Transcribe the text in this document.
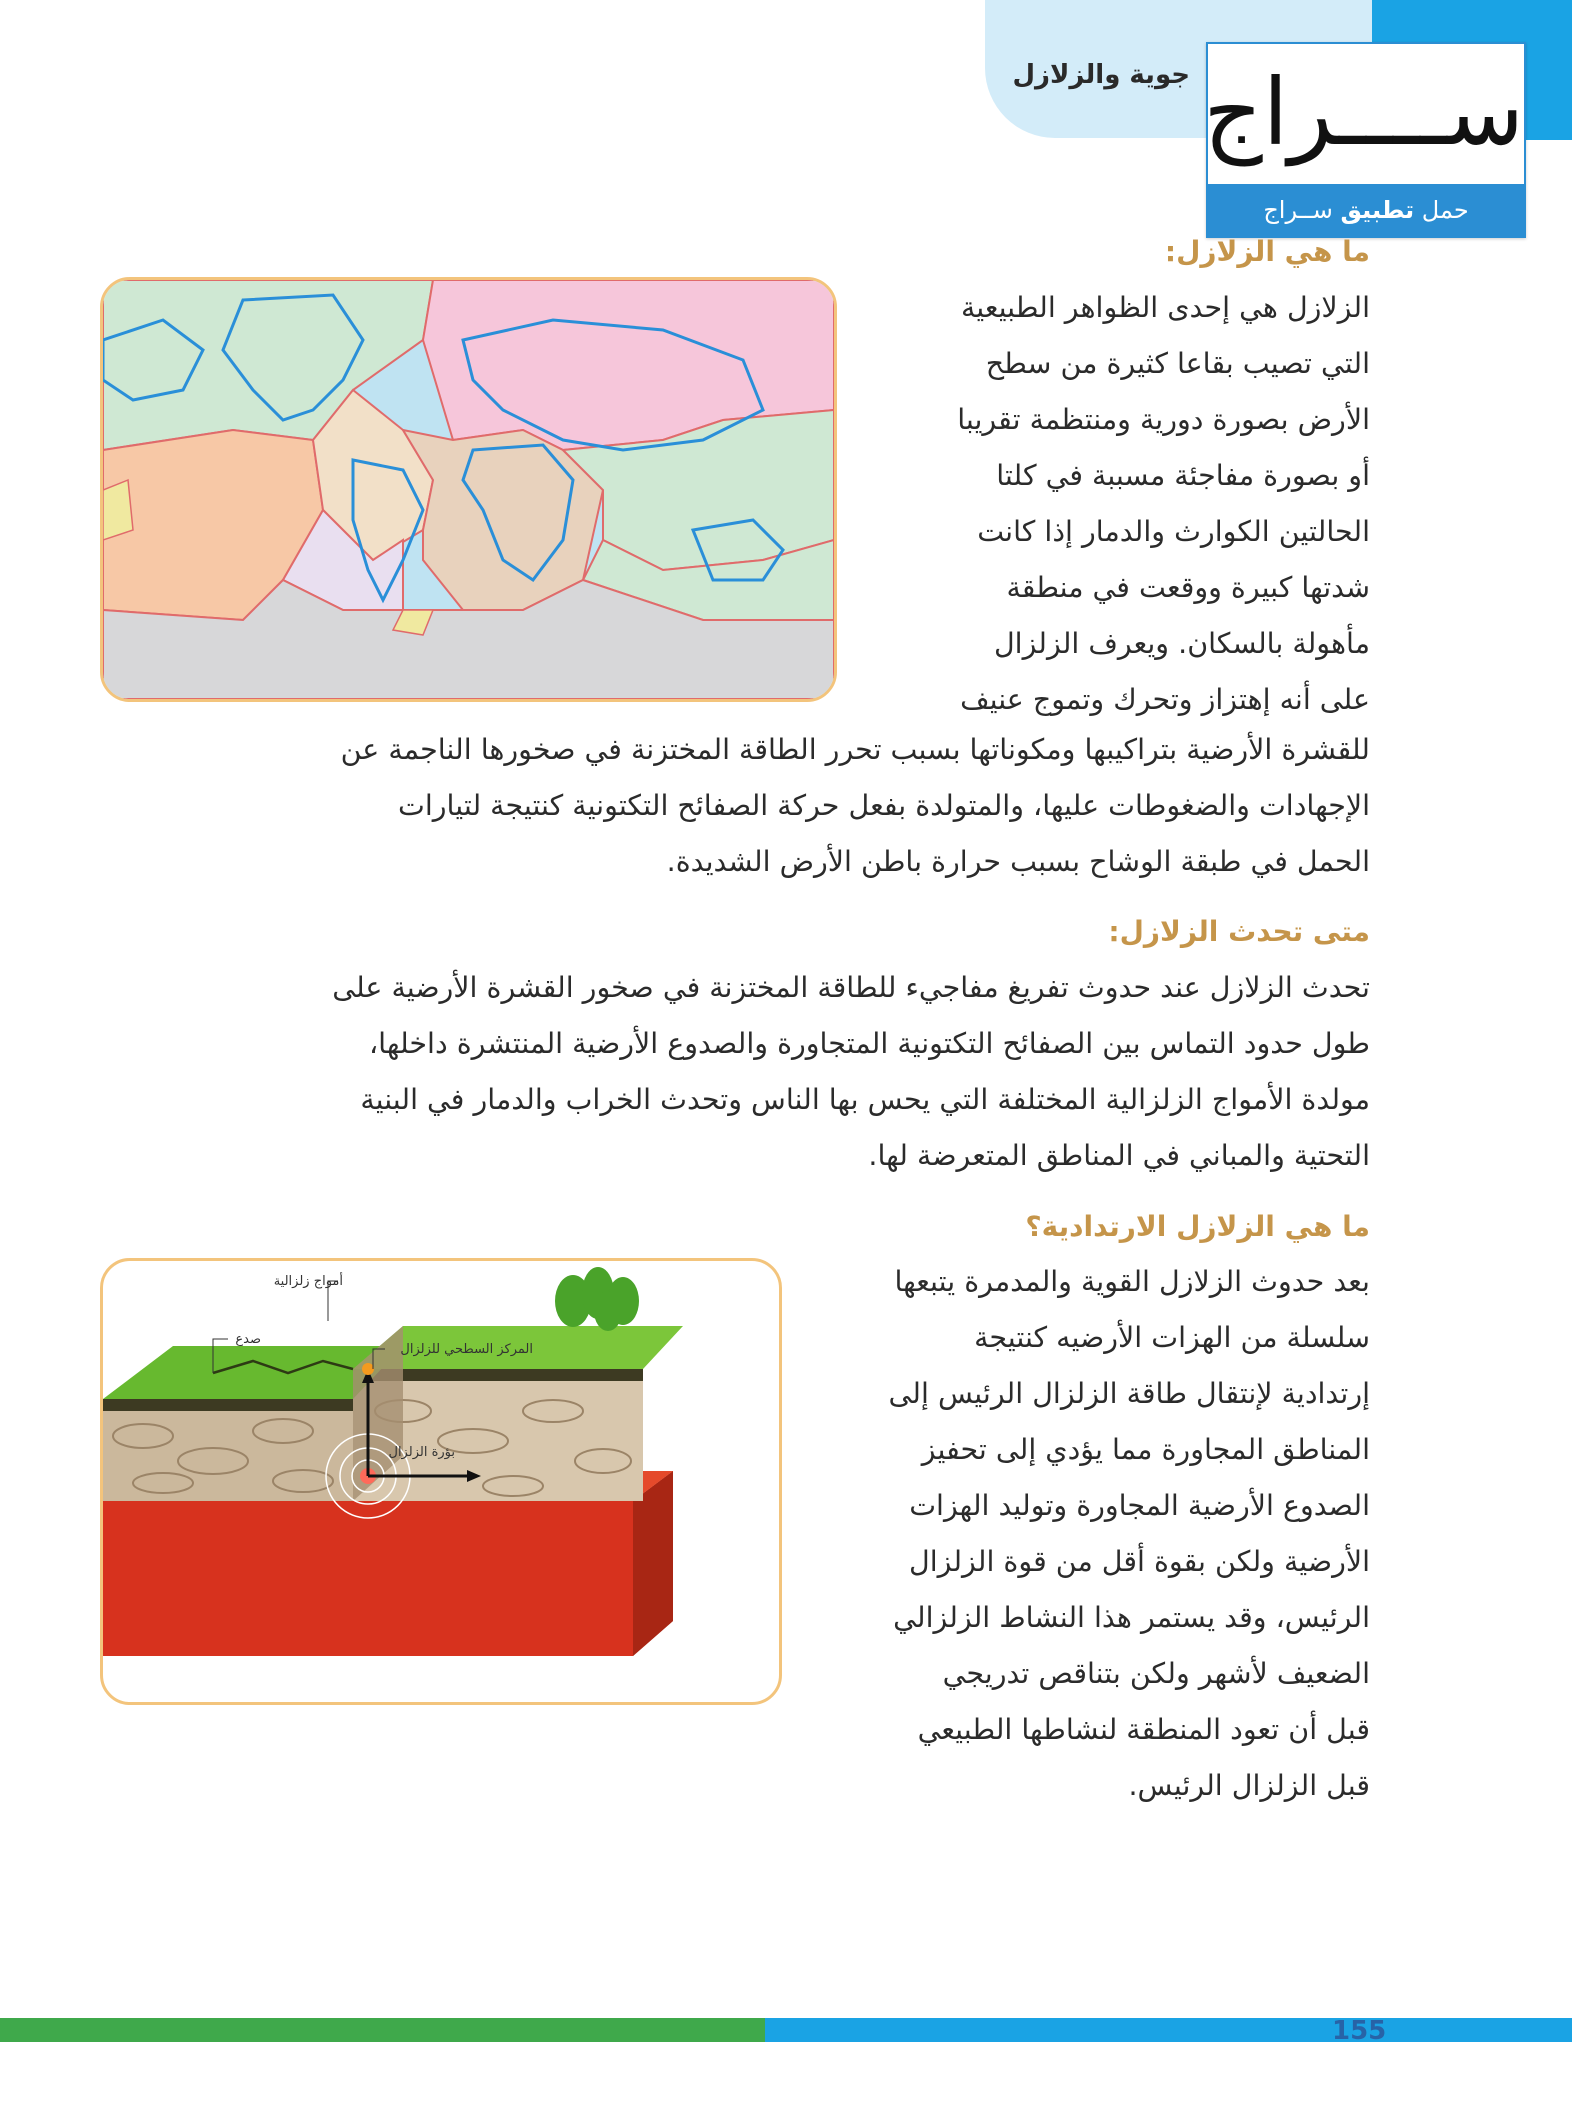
جوية والزلازل ســــراج
حمل تطبيق ســراج
ما هي الزلازل:
الزلازل هي إحدى الظواهر الطبيعية
التي تصيب بقاعا كثيرة من سطح
الأرض بصورة دورية ومنتظمة تقريبا
أو بصورة مفاجئة مسببة في كلتا
الحالتين الكوارث والدمار إذا كانت
شدتها كبيرة ووقعت في منطقة
مأهولة بالسكان. ويعرف الزلزال
على أنه إهتزاز وتحرك وتموج عنيف
للقشرة الأرضية بتراكيبها ومكوناتها بسبب تحرر الطاقة المختزنة في صخورها الناجمة عن
الإجهادات والضغوطات عليها، والمتولدة بفعل حركة الصفائح التكتونية كنتيجة لتيارات
الحمل في طبقة الوشاح بسبب حرارة باطن الأرض الشديدة.
متى تحدث الزلازل:
تحدث الزلازل عند حدوث تفريغ مفاجيء للطاقة المختزنة في صخور القشرة الأرضية على
طول حدود التماس بين الصفائح التكتونية المتجاورة والصدوع الأرضية المنتشرة داخلها،
مولدة الأمواج الزلزالية المختلفة التي يحس بها الناس وتحدث الخراب والدمار في البنية
التحتية والمباني في المناطق المتعرضة لها.
ما هي الزلازل الارتدادية؟
أمواج زلزالية
صدع
المركز السطحي للزلزال
بؤرة الزلزال
بعد حدوث الزلازل القوية والمدمرة يتبعها
سلسلة من الهزات الأرضيه كنتيجة
إرتدادية لإنتقال طاقة الزلزال الرئيس إلى
المناطق المجاورة مما يؤدي إلى تحفيز
الصدوع الأرضية المجاورة وتوليد الهزات
الأرضية ولكن بقوة أقل من قوة الزلزال
الرئيس، وقد يستمر هذا النشاط الزلزالي
الضعيف لأشهر ولكن بتناقص تدريجي
قبل أن تعود المنطقة لنشاطها الطبيعي
قبل الزلزال الرئيس.
155
